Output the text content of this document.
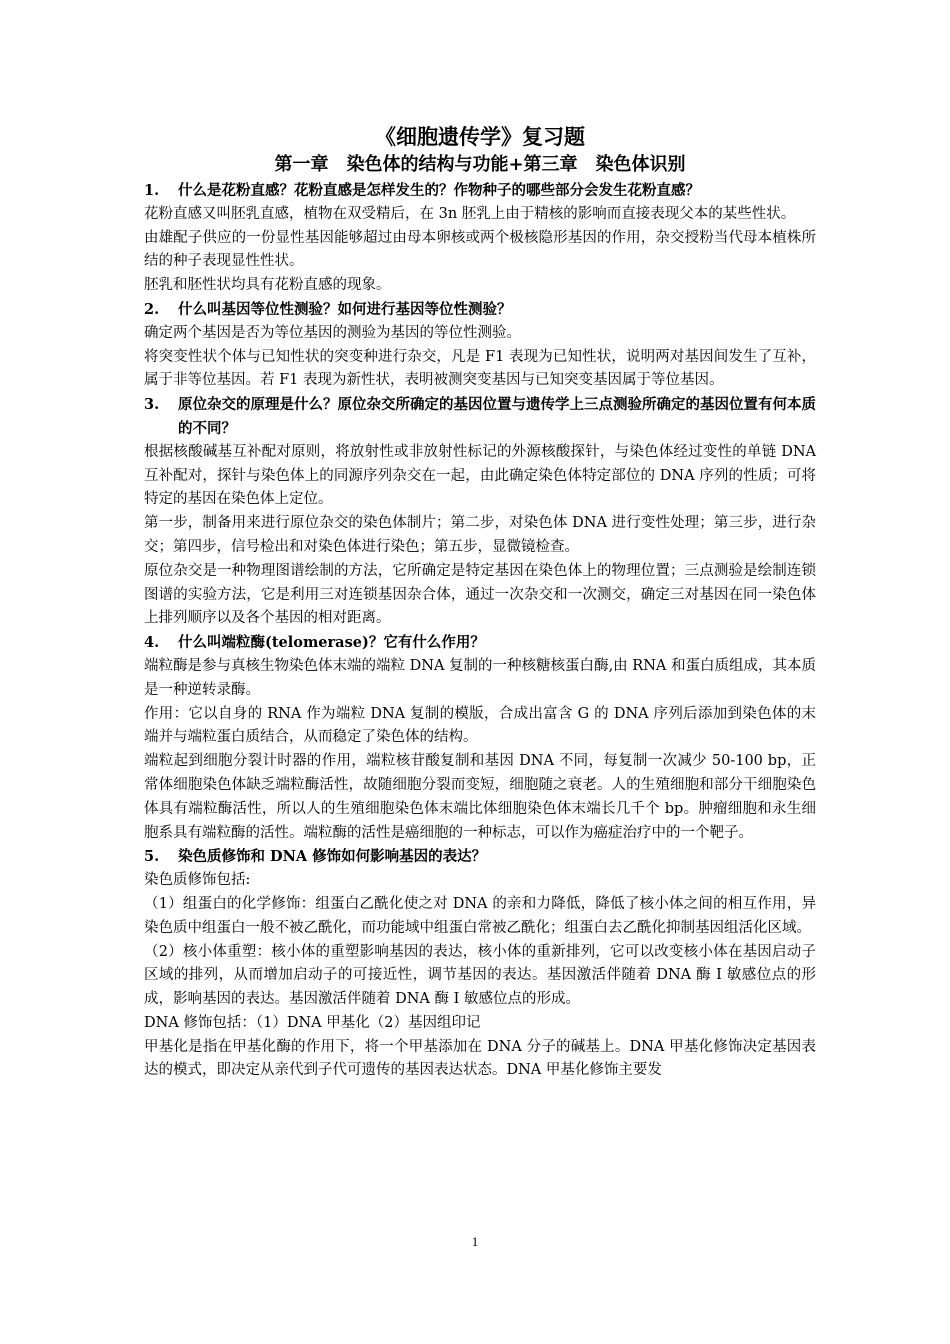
《细胞遗传学》复习题
第一章　染色体的结构与功能+第三章　染色体识别
1.	什么是花粉直感？花粉直感是怎样发生的？作物种子的哪些部分会发生花粉直感？

花粉直感又叫胚乳直感，植物在双受精后，在 3n 胚乳上由于精核的影响而直接表现父本的某些性状。

由雄配子供应的一份显性基因能够超过由母本卵核或两个极核隐形基因的作用，杂交授粉当代母本植株所结的种子表现显性性状。

胚乳和胚性状均具有花粉直感的现象。

2.	什么叫基因等位性测验？如何进行基因等位性测验？

确定两个基因是否为等位基因的测验为基因的等位性测验。

将突变性状个体与已知性状的突变种进行杂交，凡是 F1 表现为已知性状，说明两对基因间发生了互补，属于非等位基因。若 F1 表现为新性状，表明被测突变基因与已知突变基因属于等位基因。

3.	原位杂交的原理是什么？原位杂交所确定的基因位置与遗传学上三点测验所确定的基因位置有何本质的不同？

根据核酸碱基互补配对原则，将放射性或非放射性标记的外源核酸探针，与染色体经过变性的单链 DNA 互补配对，探针与染色体上的同源序列杂交在一起，由此确定染色体特定部位的 DNA 序列的性质；可将特定的基因在染色体上定位。

第一步，制备用来进行原位杂交的染色体制片；第二步，对染色体 DNA 进行变性处理；第三步，进行杂交；第四步，信号检出和对染色体进行染色；第五步，显微镜检查。

原位杂交是一种物理图谱绘制的方法，它所确定是特定基因在染色体上的物理位置；三点测验是绘制连锁图谱的实验方法，它是利用三对连锁基因杂合体，通过一次杂交和一次测交，确定三对基因在同一染色体上排列顺序以及各个基因的相对距离。

4.	什么叫端粒酶(telomerase)？它有什么作用？

端粒酶是参与真核生物染色体末端的端粒 DNA 复制的一种核糖核蛋白酶,由 RNA 和蛋白质组成，其本质是一种逆转录酶。

作用：它以自身的 RNA 作为端粒 DNA 复制的模版，合成出富含 G 的 DNA 序列后添加到染色体的末端并与端粒蛋白质结合，从而稳定了染色体的结构。

端粒起到细胞分裂计时器的作用，端粒核苷酸复制和基因 DNA 不同，每复制一次减少 50-100 bp，正常体细胞染色体缺乏端粒酶活性，故随细胞分裂而变短，细胞随之衰老。人的生殖细胞和部分干细胞染色体具有端粒酶活性，所以人的生殖细胞染色体末端比体细胞染色体末端长几千个 bp。肿瘤细胞和永生细胞系具有端粒酶的活性。端粒酶的活性是癌细胞的一种标志，可以作为癌症治疗中的一个靶子。

5.	染色质修饰和 DNA 修饰如何影响基因的表达？

染色质修饰包括:

（1）组蛋白的化学修饰：组蛋白乙酰化使之对 DNA 的亲和力降低，降低了核小体之间的相互作用，异染色质中组蛋白一般不被乙酰化，而功能域中组蛋白常被乙酰化；组蛋白去乙酰化抑制基因组活化区域。

（2）核小体重塑：核小体的重塑影响基因的表达，核小体的重新排列，它可以改变核小体在基因启动子区域的排列，从而增加启动子的可接近性，调节基因的表达。基因激活伴随着 DNA 酶 I 敏感位点的形成，影响基因的表达。基因激活伴随着 DNA 酶 I 敏感位点的形成。

DNA 修饰包括：（1）DNA 甲基化（2）基因组印记

甲基化是指在甲基化酶的作用下，将一个甲基添加在 DNA 分子的碱基上。DNA 甲基化修饰决定基因表达的模式，即决定从亲代到子代可遗传的基因表达状态。DNA 甲基化修饰主要发

1
